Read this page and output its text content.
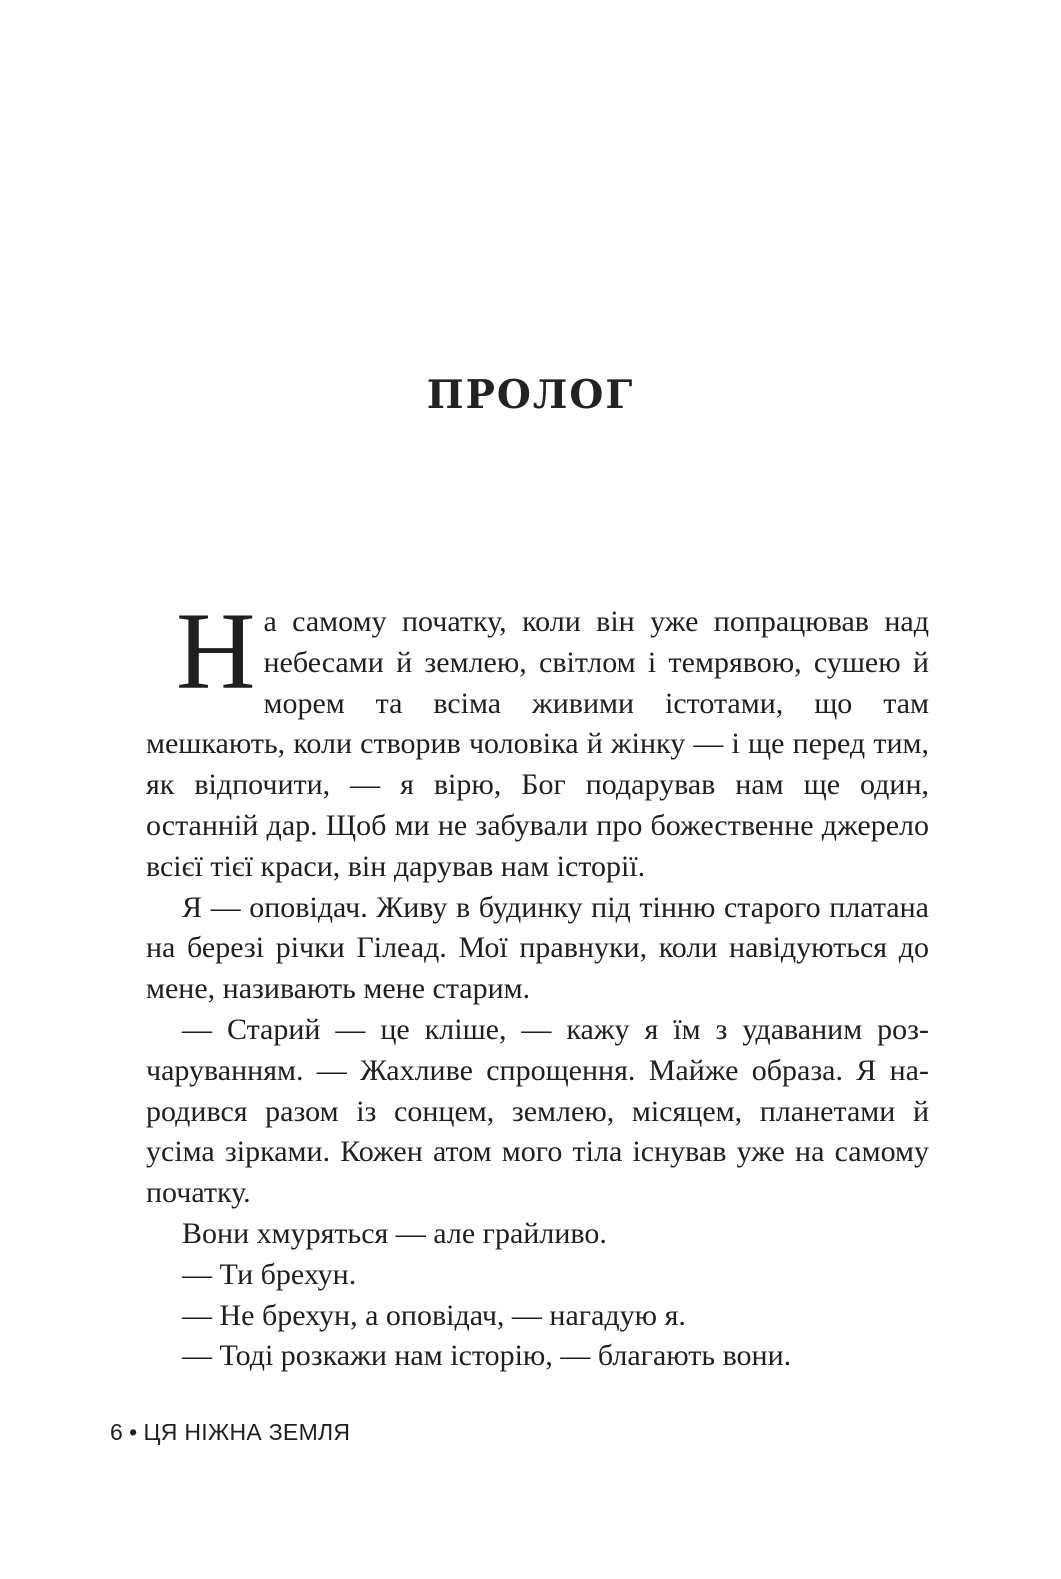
ПРОЛОГ

На самому початку, коли він уже попрацював над небесами й землею, світлом і темрявою, сушею й морем та всіма живими істотами, що там мешкають, коли створив чоловіка й жінку — і ще перед тим, як відпочити, — я вірю, Бог подарував нам ще один, останній дар. Щоб ми не забували про божественне джерело всієї тієї краси, він дарував нам історії.

Я — оповідач. Живу в будинку під тінню старого платана на березі річки Гілеад. Мої правнуки, коли навідуються до мене, називають мене старим.

— Старий — це кліше, — кажу я їм з удаваним розчаруванням. — Жахливе спрощення. Майже образа. Я народився разом із сонцем, землею, місяцем, планетами й усіма зірками. Кожен атом мого тіла існував уже на самому початку.

Вони хмуряться — але грайливо.

— Ти брехун.

— Не брехун, а оповідач, — нагадую я.

— Тоді розкажи нам історію, — благають вони.

6 • ЦЯ НІЖНА ЗЕМЛЯ
